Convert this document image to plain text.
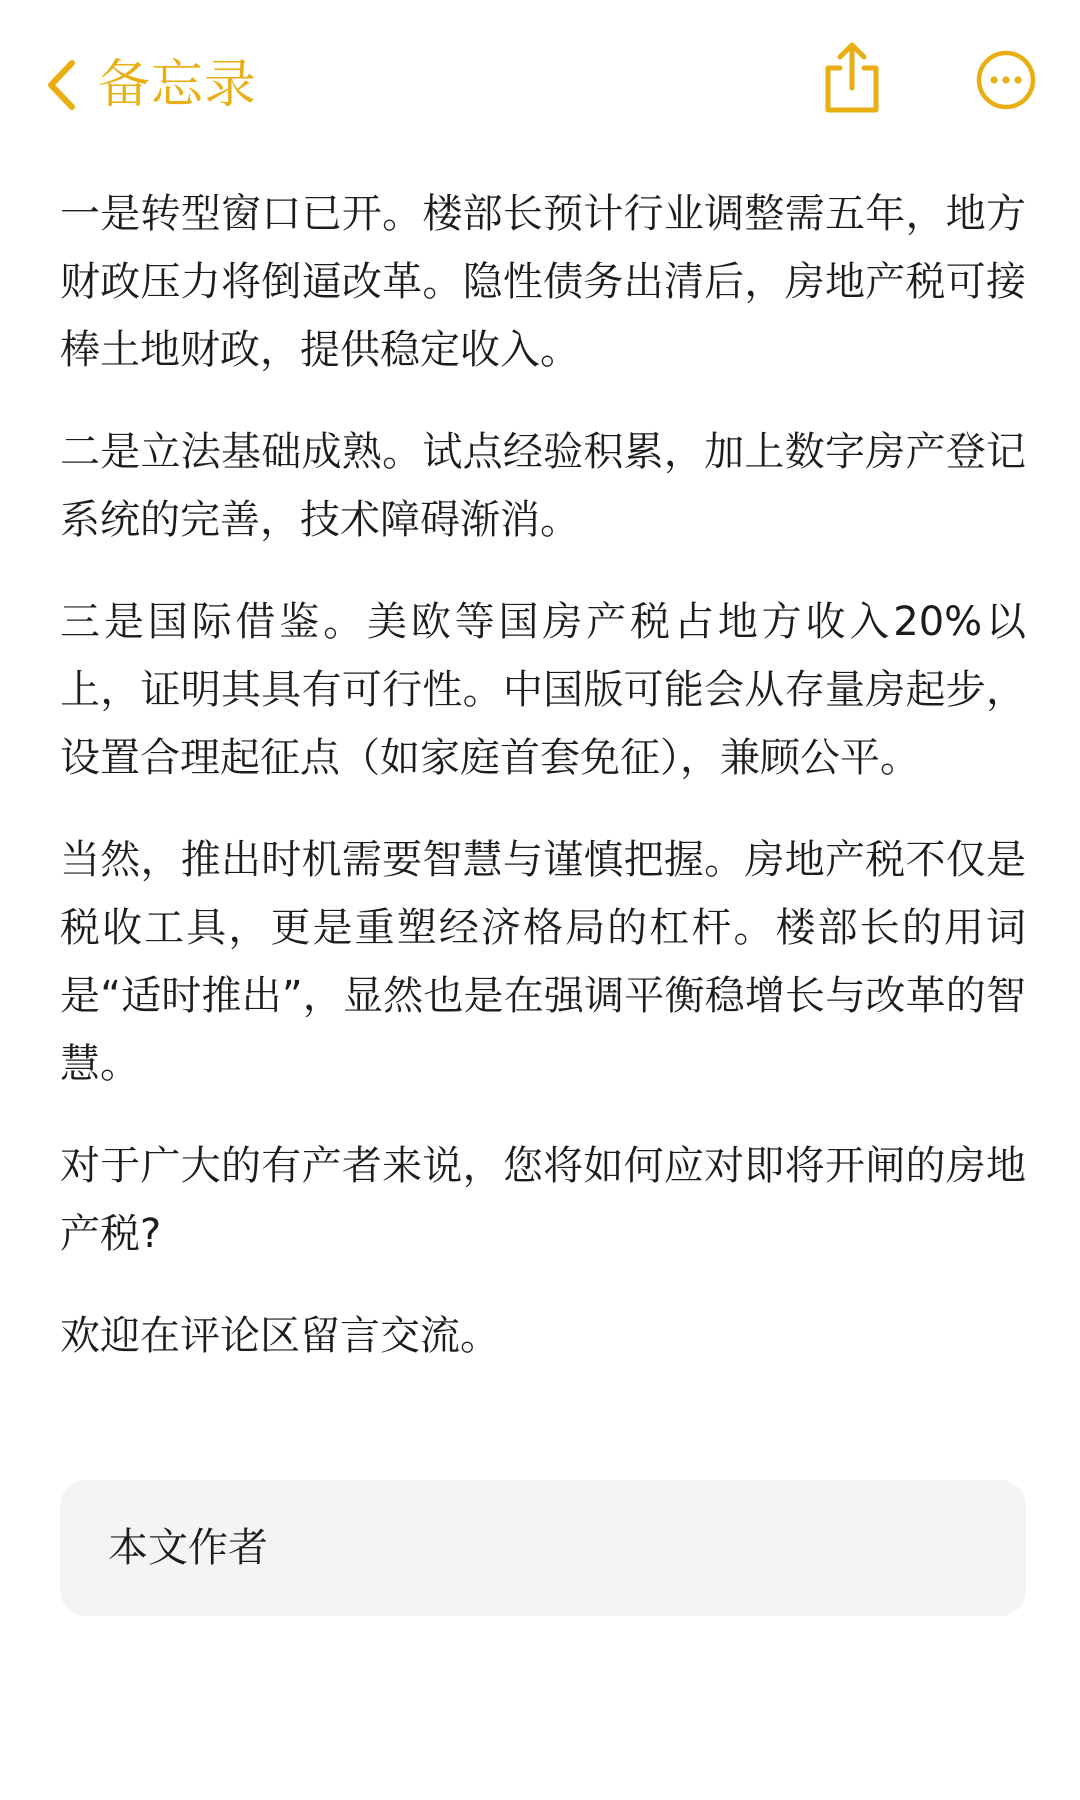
备忘录

一是转型窗口已开。楼部长预计行业调整需五年，地方财政压力将倒逼改革。隐性债务出清后，房地产税可接棒土地财政，提供稳定收入。

二是立法基础成熟。试点经验积累，加上数字房产登记系统的完善，技术障碍渐消。

三是国际借鉴。美欧等国房产税占地方收入20%以上，证明其具有可行性。中国版可能会从存量房起步，设置合理起征点（如家庭首套免征），兼顾公平。

当然，推出时机需要智慧与谨慎把握。房地产税不仅是税收工具，更是重塑经济格局的杠杆。楼部长的用词是“适时推出”，显然也是在强调平衡稳增长与改革的智慧。

对于广大的有产者来说，您将如何应对即将开闸的房地产税?

欢迎在评论区留言交流。

本文作者
